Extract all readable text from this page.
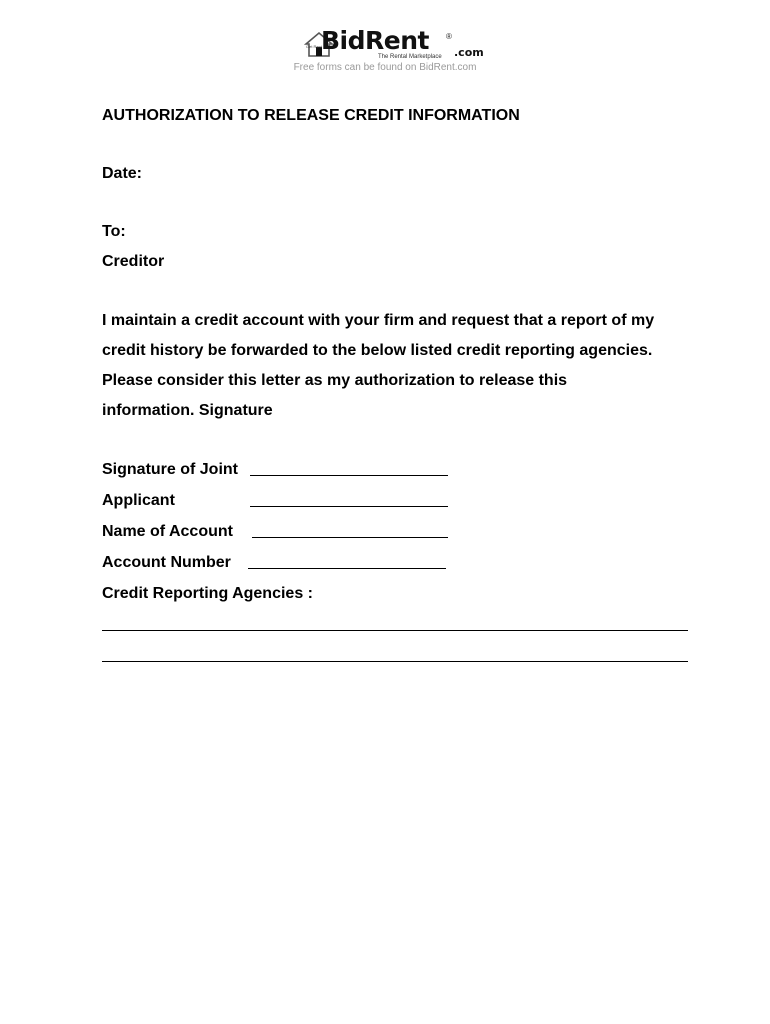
Get Rent
BidRent ®
.com
The Rental Marketplace
Free forms can be found on BidRent.com
AUTHORIZATION TO RELEASE CREDIT INFORMATION
Date:
To:
Creditor
I maintain a credit account with your firm and request that a report of my
credit history be forwarded to the below listed credit reporting agencies.
Please consider this letter as my authorization to release this
information. Signature
Signature of Joint
Applicant
Name of Account
Account Number
Credit Reporting Agencies :
